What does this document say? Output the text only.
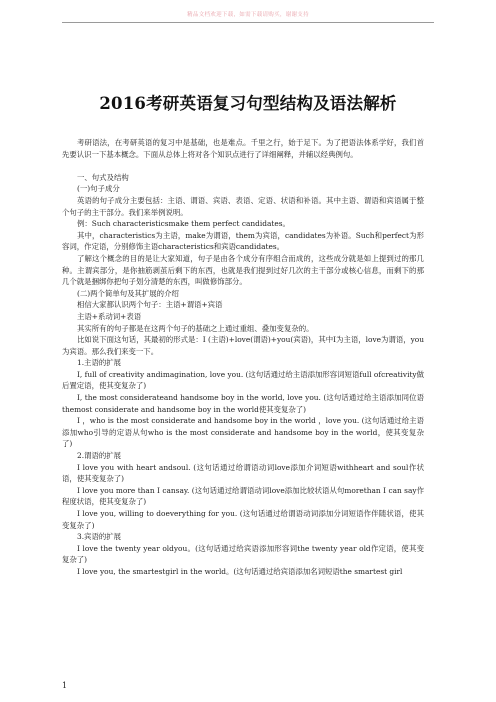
精品文档欢迎下载，如需下载请购买，谢谢支持
2016考研英语复习句型结构及语法解析

考研语法，在考研英语的复习中是基础，也是难点。千里之行，始于足下。为了把语法体系学好，我们首先要认识一下基本概念。下面从总体上将对各个知识点进行了详细阐释，并辅以经典例句。

一、句式及结构

(一)句子成分

英语的句子成分主要包括：主语、谓语、宾语、表语、定语、状语和补语。其中主语、谓语和宾语属于整个句子的主干部分。我们来举例说明。

例：Such characteristicsmake them perfect candidates。

其中，characteristics为主语，make为谓语，them为宾语，candidates为补语。Such和perfect为形容词，作定语，分别修饰主语characteristics和宾语candidates。

了解这个概念的目的是让大家知道，句子是由各个成分有序组合而成的，这些成分就是如上提到过的那几种。主谓宾部分，是你抽筋剥茧后剩下的东西，也就是我们提到过好几次的主干部分或核心信息，而剩下的那几个就是捆绑你把句子划分清楚的东西，叫做修饰部分。

(二)两个简单句及其扩展的介绍

相信大家都认识两个句子：主语+谓语+宾语

主语+系动词+表语

其实所有的句子都是在这两个句子的基础之上通过重组、叠加变复杂的。

比如说下面这句话，其最初的形式是：I (主语)+love(谓语)+you(宾语)，其中I为主语，love为谓语，you为宾语。那么我们来变一下。

1.主语的扩展

I, full of creativity andimagination, love you. (这句话通过给主语添加形容词短语full ofcreativity做后置定语，使其变复杂了)

I, the most considerateand handsome boy in the world, love you. (这句话通过给主语添加同位语themost considerate and handsome boy in the world使其变复杂了)

I ，who is the most considerate and handsome boy in the world ，love you. (这句话通过给主语添加who引导的定语从句who is the most considerate and handsome boy in the world，使其变复杂了)

2.谓语的扩展

I love you with heart andsoul. (这句话通过给谓语动词love添加介词短语withheart and soul作状语，使其变复杂了)

I love you more than I cansay. (这句话通过给谓语动词love添加比较状语从句morethan I can say作程度状语，使其变复杂了)

I love you, willing to doeverything for you. (这句话通过给谓语动词添加分词短语作伴随状语，使其变复杂了)

3.宾语的扩展

I love the twenty year oldyou。(这句话通过给宾语添加形容词the twenty year old作定语，使其变复杂了)

I love you, the smartestgirl in the world。(这句话通过给宾语添加名词短语the smartest girl

1
